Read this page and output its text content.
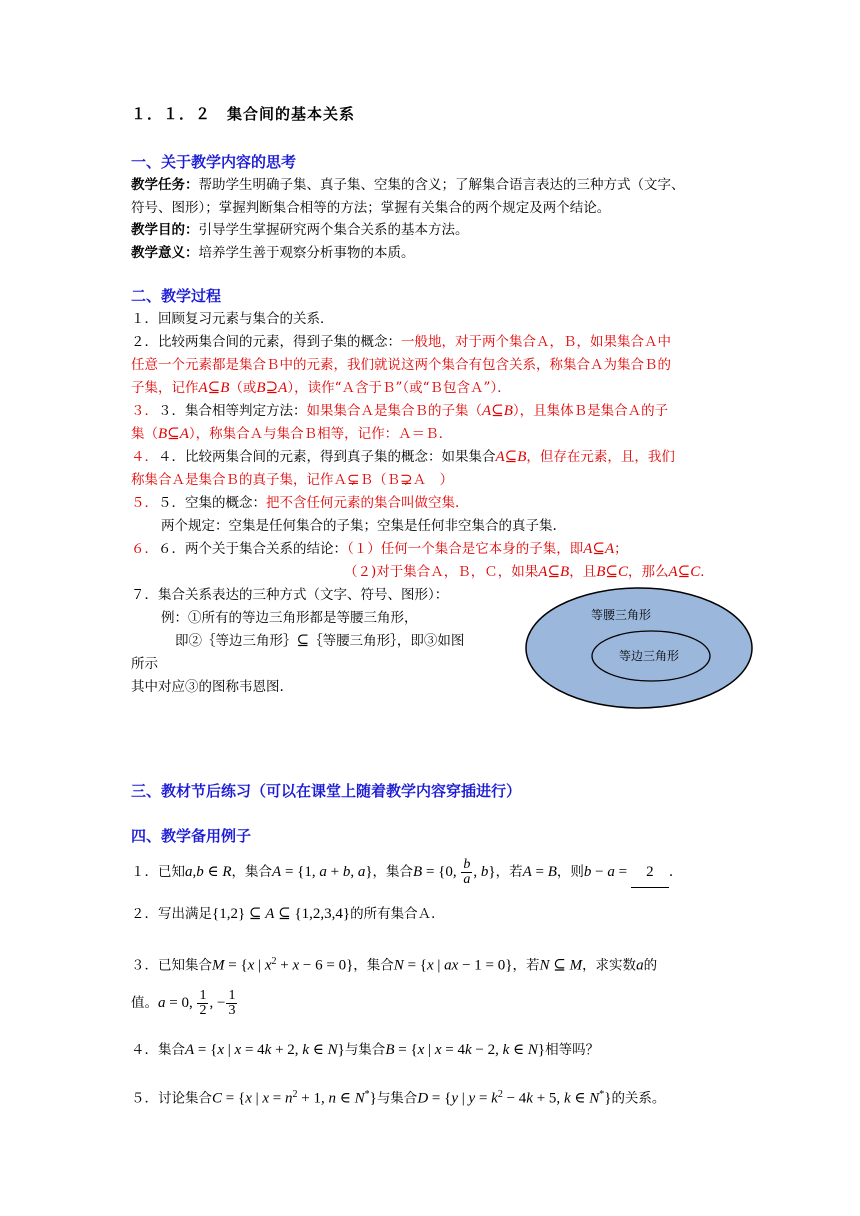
１．１．２　集合间的基本关系
一、关于教学内容的思考
教学任务：帮助学生明确子集、真子集、空集的含义；了解集合语言表达的三种方式（文字、
符号、图形）；掌握判断集合相等的方法；掌握有关集合的两个规定及两个结论。
教学目的：引导学生掌握研究两个集合关系的基本方法。
教学意义：培养学生善于观察分析事物的本质。
二、教学过程
１．回顾复习元素与集合的关系．
２．比较两集合间的元素，得到子集的概念：一般地，对于两个集合Ａ，Ｂ，如果集合Ａ中
任意一个元素都是集合Ｂ中的元素，我们就说这两个集合有包含关系，称集合Ａ为集合Ｂ的
子集，记作A⊆B（或B⊇A），读作“Ａ含于Ｂ”（或“Ｂ包含Ａ”）．
３．３．集合相等判定方法：如果集合Ａ是集合Ｂ的子集（A⊆B），且集体Ｂ是集合Ａ的子
集（B⊆A），称集合Ａ与集合Ｂ相等，记作：Ａ＝Ｂ．
４．４．比较两集合间的元素，得到真子集的概念：如果集合A⊆B，但存在元素，且，我们
称集合Ａ是集合Ｂ的真子集，记作Ａ⊊Ｂ（Ｂ⊋Ａ　）
５．５．空集的概念：把不含任何元素的集合叫做空集.
两个规定：空集是任何集合的子集；空集是任何非空集合的真子集.
６．６．两个关于集合关系的结论：（１）任何一个集合是它本身的子集，即A⊆A；
（２)对于集合Ａ，Ｂ，Ｃ，如果A⊆B，且B⊆C，那么A⊆C．
７．集合关系表达的三种方式（文字、符号、图形）：
例：①所有的等边三角形都是等腰三角形，
即②｛等边三角形｝⊆｛等腰三角形｝，即③如图
所示
其中对应③的图称韦恩图.
等腰三角形
等边三角形
三、教材节后练习（可以在课堂上随着教学内容穿插进行）
四、教学备用例子
１．已知a,b ∈ R，集合A = {1, a + b, a}，集合B = {0, $\frac{b}{a}$ , b}，若A = B，则b − a = 2 .
２．写出满足{1,2} ⊆ A ⊆ {1,2,3,4}的所有集合Ａ．
３．已知集合M = {x | $x^2 + x - 6 = 0$}，集合N = {x | ax − 1 = 0}，若N ⊆ M，求实数a的
值。a = 0, $\frac{1}{2}$ , − $\frac{1}{3}$
４．集合A = {x | x = 4k + 2, k ∈ N}与集合B = {x | x = 4k − 2, k ∈ N}相等吗？
５．讨论集合C = {x | $x = n^2 + 1$, n ∈ N*}与集合D = {y | $y = k^2 - 4k + 5$, k ∈ N*}的关系。
